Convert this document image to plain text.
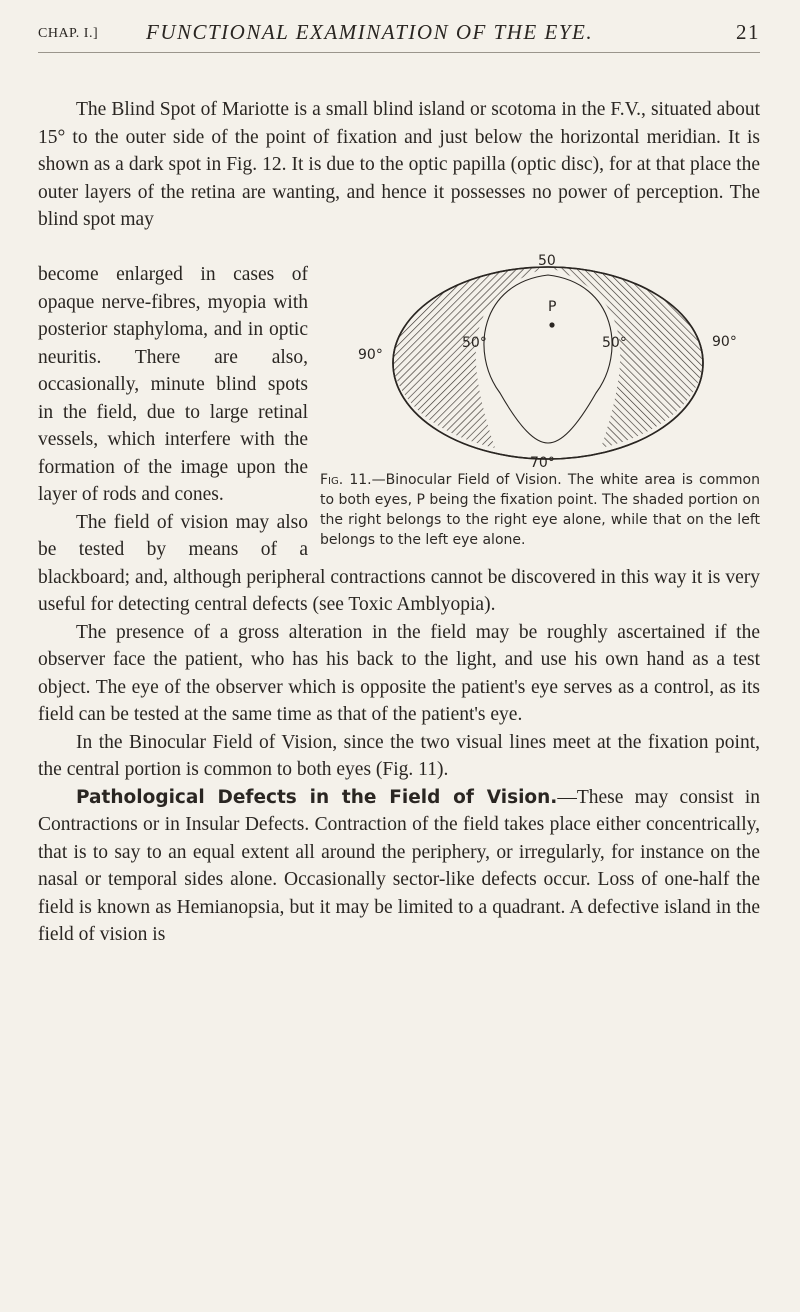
CHAP. I.] FUNCTIONAL EXAMINATION OF THE EYE.	21

The Blind Spot of Mariotte is a small blind island or scotoma in the F.V., situated about 15° to the outer side of the point of fixation and just below the horizontal meridian. It is shown as a dark spot in Fig. 12. It is due to the optic papilla (optic disc), for at that place the outer layers of the retina are wanting, and hence it possesses no power of perception. The blind spot may

50
70°
90°
90°
50°	50°
P
Fig. 11.—Binocular Field of Vision. The white area is common to both eyes, P being the fixation point. The shaded portion on the right belongs to the right eye alone, while that on the left belongs to the left eye alone.

become enlarged in cases of opaque nerve-fibres, myopia with posterior staphyloma, and in optic neuritis. There are also, occasionally, minute blind spots in the field, due to large retinal vessels, which interfere with the formation of the image upon the layer of rods and cones.

The field of vision may also be tested by means of a blackboard; and, although peripheral contractions cannot be discovered in this way it is very useful for detecting central defects (see Toxic Amblyopia).

The presence of a gross alteration in the field may be roughly ascertained if the observer face the patient, who has his back to the light, and use his own hand as a test object. The eye of the observer which is opposite the patient's eye serves as a control, as its field can be tested at the same time as that of the patient's eye.

In the Binocular Field of Vision, since the two visual lines meet at the fixation point, the central portion is common to both eyes (Fig. 11).

Pathological Defects in the Field of Vision.—These may consist in Contractions or in Insular Defects. Contraction of the field takes place either concentrically, that is to say to an equal extent all around the periphery, or irregularly, for instance on the nasal or temporal sides alone. Occasionally sector-like defects occur. Loss of one-half the field is known as Hemianopsia, but it may be limited to a quadrant. A defective island in the field of vision is
